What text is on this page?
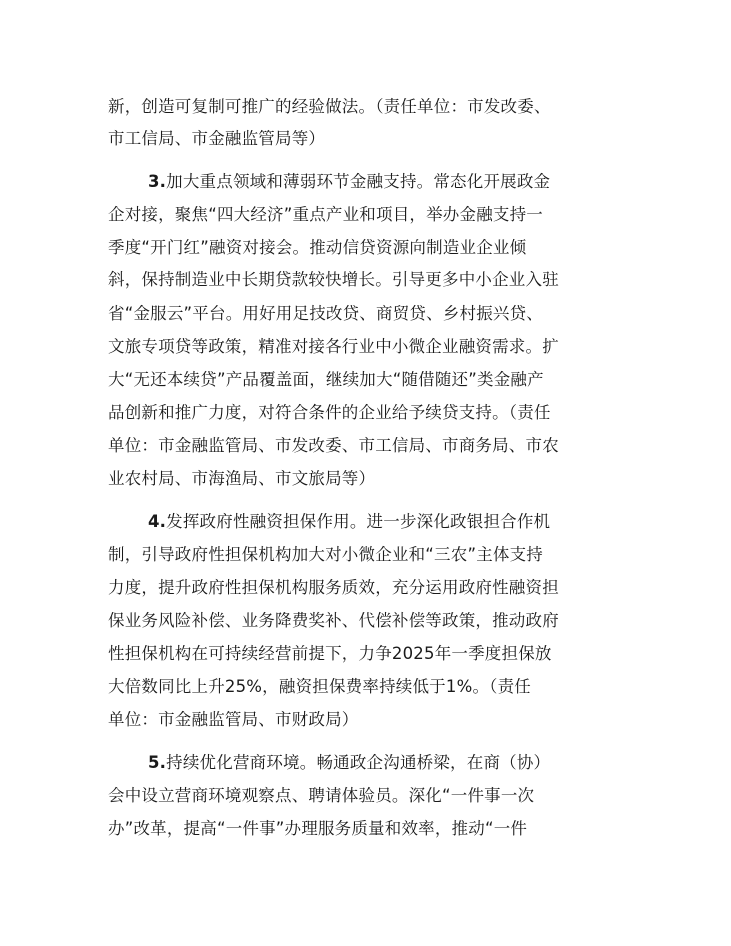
新，创造可复制可推广的经验做法。（责任单位：市发改委、
市工信局、市金融监管局等）
3.加大重点领域和薄弱环节金融支持。常态化开展政金
企对接，聚焦“四大经济”重点产业和项目，举办金融支持一
季度“开门红”融资对接会。推动信贷资源向制造业企业倾
斜，保持制造业中长期贷款较快增长。引导更多中小企业入驻
省“金服云”平台。用好用足技改贷、商贸贷、乡村振兴贷、
文旅专项贷等政策，精准对接各行业中小微企业融资需求。扩
大“无还本续贷”产品覆盖面，继续加大“随借随还”类金融产
品创新和推广力度，对符合条件的企业给予续贷支持。（责任
单位：市金融监管局、市发改委、市工信局、市商务局、市农
业农村局、市海渔局、市文旅局等）
4.发挥政府性融资担保作用。进一步深化政银担合作机
制，引导政府性担保机构加大对小微企业和“三农”主体支持
力度，提升政府性担保机构服务质效，充分运用政府性融资担
保业务风险补偿、业务降费奖补、代偿补偿等政策，推动政府
性担保机构在可持续经营前提下，力争2025年一季度担保放
大倍数同比上升25%，融资担保费率持续低于1%。（责任
单位：市金融监管局、市财政局）
5.持续优化营商环境。畅通政企沟通桥梁，在商（协）
会中设立营商环境观察点、聘请体验员。深化“一件事一次
办”改革，提高“一件事”办理服务质量和效率，推动“一件
